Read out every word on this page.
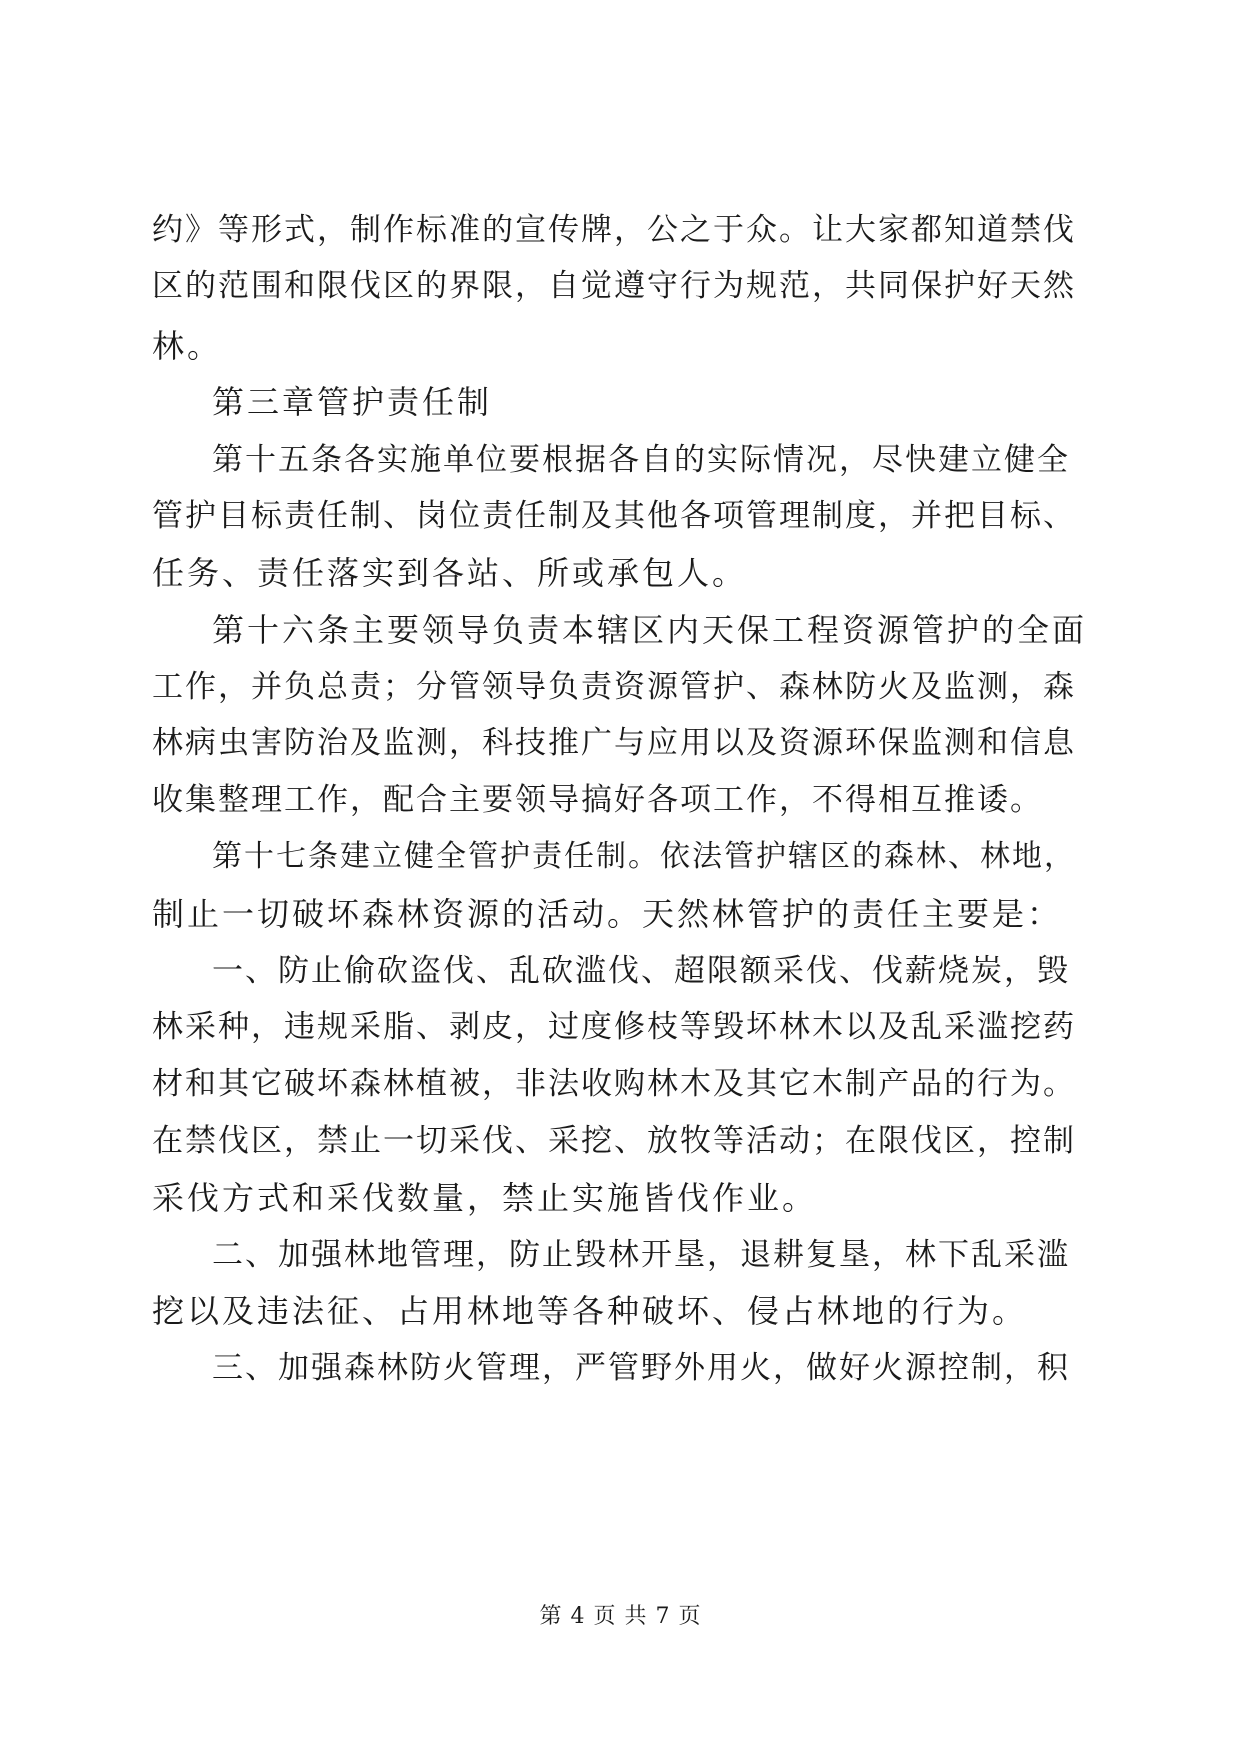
约》等形式，制作标准的宣传牌，公之于众。让大家都知道禁伐
区的范围和限伐区的界限，自觉遵守行为规范，共同保护好天然
林。
第三章管护责任制
第十五条各实施单位要根据各自的实际情况，尽快建立健全
管护目标责任制、岗位责任制及其他各项管理制度，并把目标、
任务、责任落实到各站、所或承包人。
第十六条主要领导负责本辖区内天保工程资源管护的全面
工作，并负总责；分管领导负责资源管护、森林防火及监测，森
林病虫害防治及监测，科技推广与应用以及资源环保监测和信息
收集整理工作，配合主要领导搞好各项工作，不得相互推诿。
第十七条建立健全管护责任制。依法管护辖区的森林、林地，
制止一切破坏森林资源的活动。天然林管护的责任主要是：
一、防止偷砍盗伐、乱砍滥伐、超限额采伐、伐薪烧炭，毁
林采种，违规采脂、剥皮，过度修枝等毁坏林木以及乱采滥挖药
材和其它破坏森林植被，非法收购林木及其它木制产品的行为。
在禁伐区，禁止一切采伐、采挖、放牧等活动；在限伐区，控制
采伐方式和采伐数量，禁止实施皆伐作业。
二、加强林地管理，防止毁林开垦，退耕复垦，林下乱采滥
挖以及违法征、占用林地等各种破坏、侵占林地的行为。
三、加强森林防火管理，严管野外用火，做好火源控制，积
第 4 页 共 7 页
